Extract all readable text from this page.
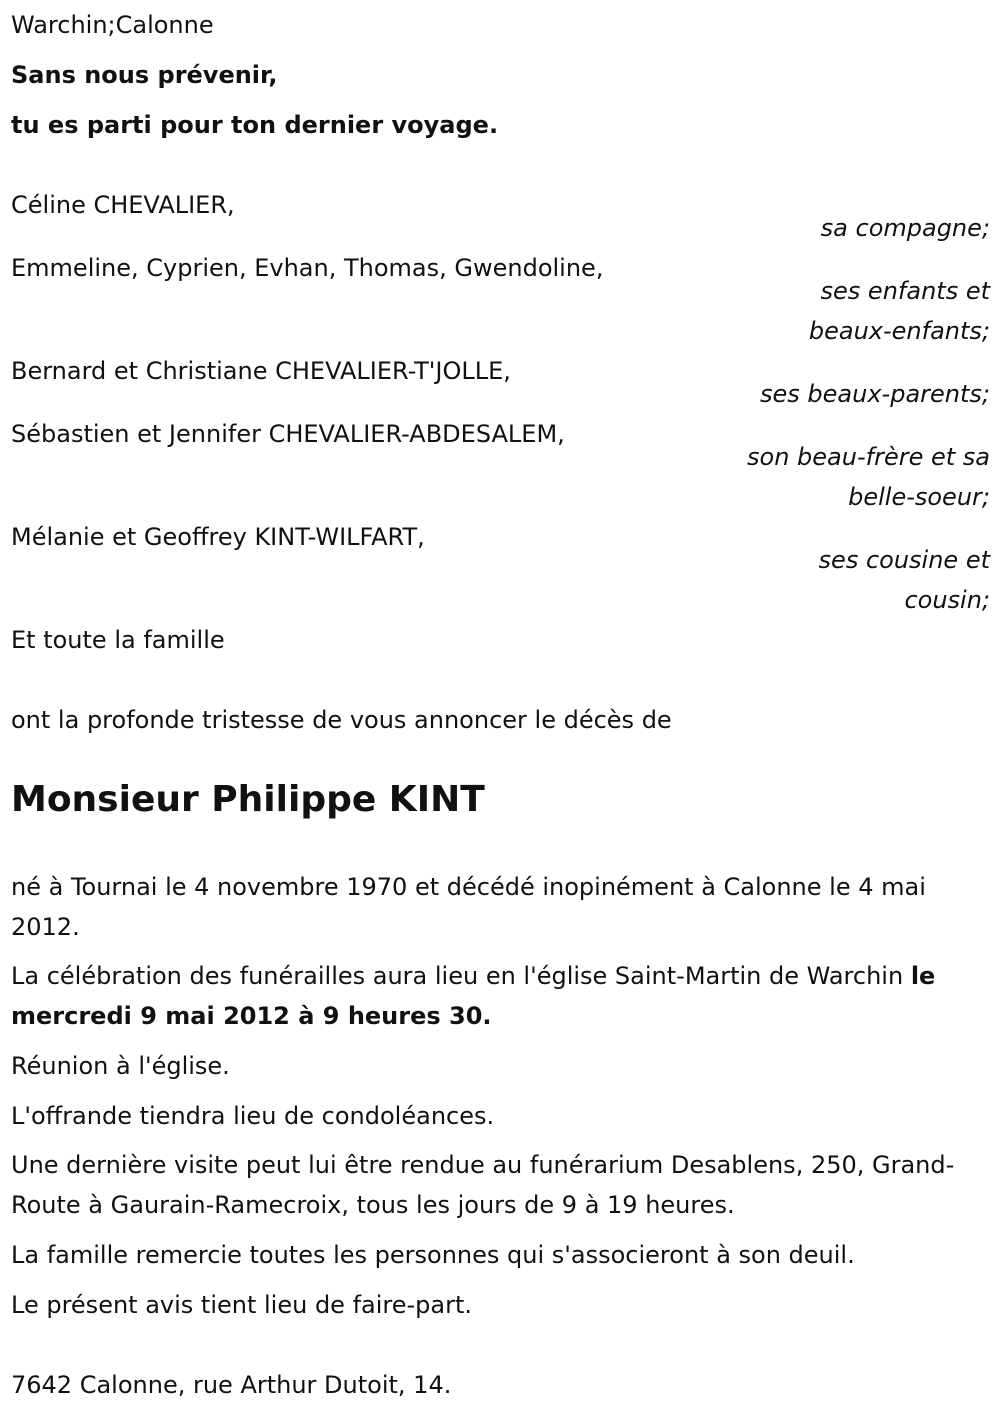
Warchin;Calonne
Sans nous prévenir,
tu es parti pour ton dernier voyage.
Céline CHEVALIER,
sa compagne;
Emmeline, Cyprien, Evhan, Thomas, Gwendoline,
ses enfants et
beaux-enfants;
Bernard et Christiane CHEVALIER-T'JOLLE,
ses beaux-parents;
Sébastien et Jennifer CHEVALIER-ABDESALEM,
son beau-frère et sa
belle-soeur;
Mélanie et Geoffrey KINT-WILFART,
ses cousine et
cousin;
Et toute la famille
ont la profonde tristesse de vous annoncer le décès de
Monsieur Philippe KINT
né à Tournai le 4 novembre 1970 et décédé inopinément à Calonne le 4 mai 2012.
La célébration des funérailles aura lieu en l'église Saint-Martin de Warchin le mercredi 9 mai 2012 à 9 heures 30.
Réunion à l'église.
L'offrande tiendra lieu de condoléances.
Une dernière visite peut lui être rendue au funérarium Desablens, 250, Grand-Route à Gaurain-Ramecroix, tous les jours de 9 à 19 heures.
La famille remercie toutes les personnes qui s'associeront à son deuil.
Le présent avis tient lieu de faire-part.
7642 Calonne, rue Arthur Dutoit, 14.
